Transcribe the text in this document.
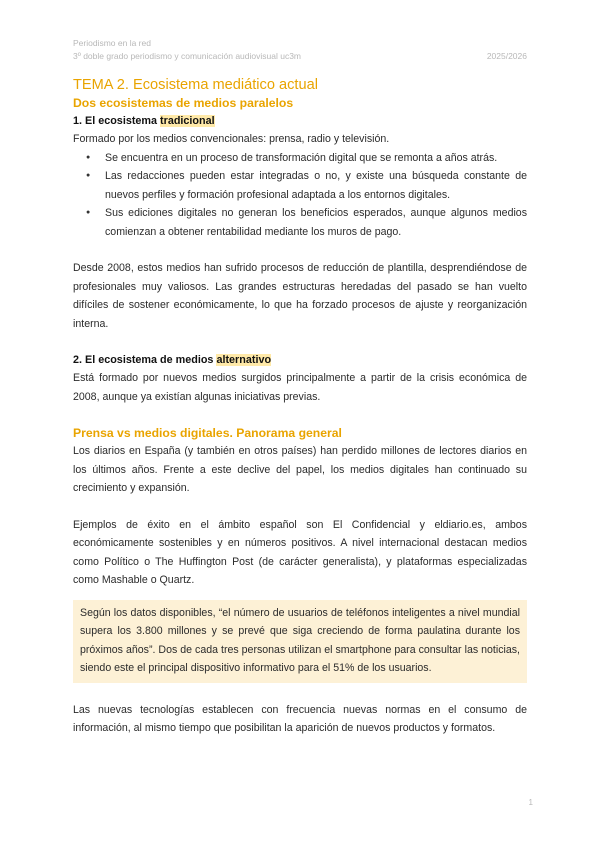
Periodismo en la red
3º doble grado periodismo y comunicación audiovisual uc3m	2025/2026
TEMA 2. Ecosistema mediático actual
Dos ecosistemas de medios paralelos
1. El ecosistema tradicional

Formado por los medios convencionales: prensa, radio y televisión.

● Se encuentra en un proceso de transformación digital que se remonta a años atrás.
● Las redacciones pueden estar integradas o no, y existe una búsqueda constante de nuevos perfiles y formación profesional adaptada a los entornos digitales.
● Sus ediciones digitales no generan los beneficios esperados, aunque algunos medios comienzan a obtener rentabilidad mediante los muros de pago.

Desde 2008, estos medios han sufrido procesos de reducción de plantilla, desprendiéndose de profesionales muy valiosos. Las grandes estructuras heredadas del pasado se han vuelto difíciles de sostener económicamente, lo que ha forzado procesos de ajuste y reorganización interna.

2. El ecosistema de medios alternativo

Está formado por nuevos medios surgidos principalmente a partir de la crisis económica de 2008, aunque ya existían algunas iniciativas previas.

Prensa vs medios digitales. Panorama general

Los diarios en España (y también en otros países) han perdido millones de lectores diarios en los últimos años. Frente a este declive del papel, los medios digitales han continuado su crecimiento y expansión.

Ejemplos de éxito en el ámbito español son El Confidencial y eldiario.es, ambos económicamente sostenibles y en números positivos. A nivel internacional destacan medios como Político o The Huffington Post (de carácter generalista), y plataformas especializadas como Mashable o Quartz.

Según los datos disponibles, “el número de usuarios de teléfonos inteligentes a nivel mundial supera los 3.800 millones y se prevé que siga creciendo de forma paulatina durante los próximos años”. Dos de cada tres personas utilizan el smartphone para consultar las noticias, siendo este el principal dispositivo informativo para el 51% de los usuarios.

Las nuevas tecnologías establecen con frecuencia nuevas normas en el consumo de información, al mismo tiempo que posibilitan la aparición de nuevos productos y formatos.

1
